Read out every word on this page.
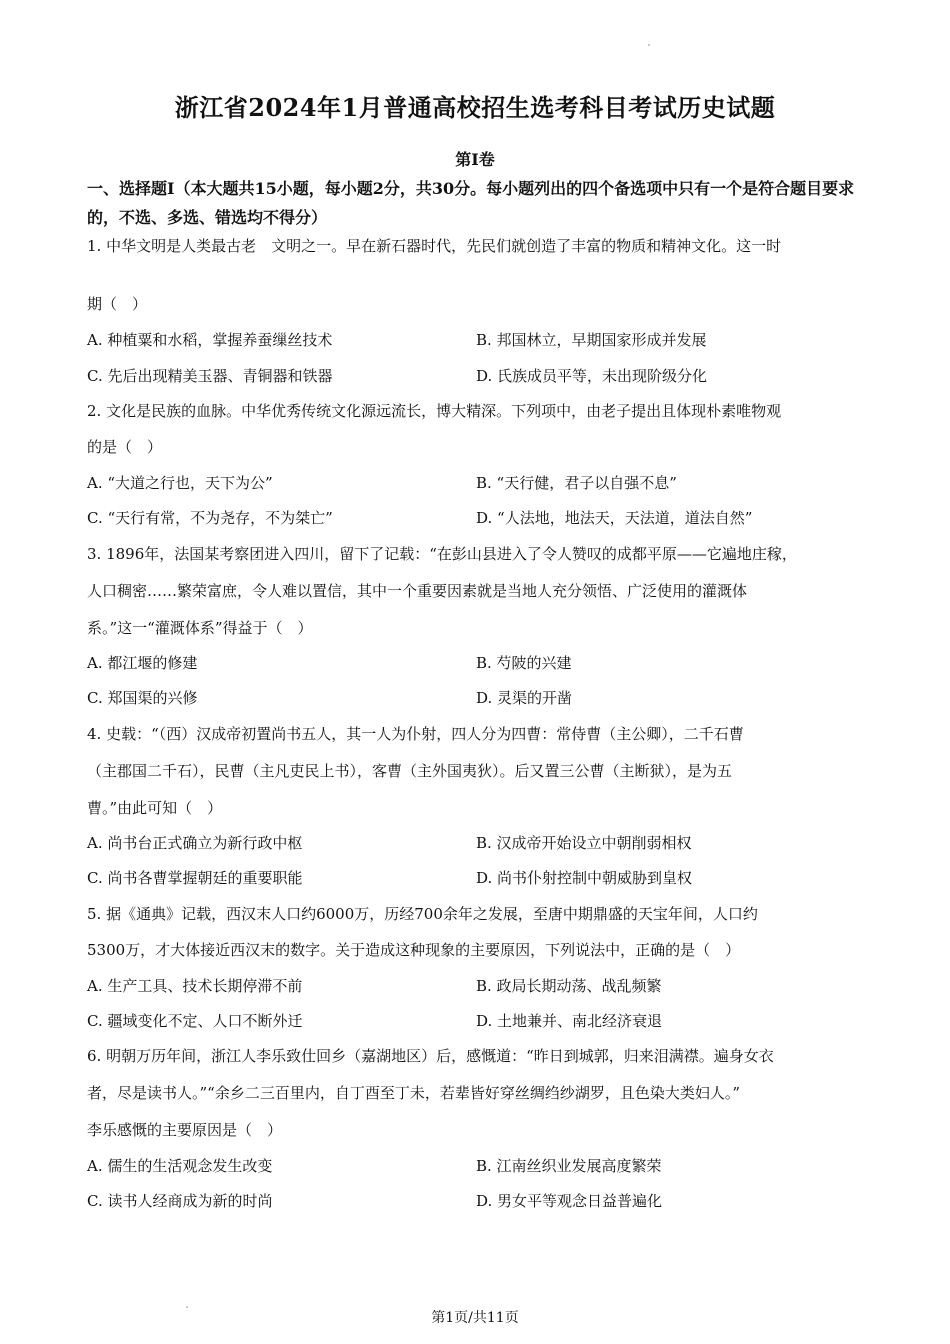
浙江省2024年1月普通高校招生选考科目考试历史试题
第Ⅰ卷
一、选择题Ⅰ（本大题共15小题，每小题2分，共30分。每小题列出的四个备选项中只有一个是符合题目要求的，不选、多选、错选均不得分）
1. 中华文明是人类最古老　文明之一。早在新石器时代，先民们就创造了丰富的物质和精神文化。这一时
期（　）
A. 种植粟和水稻，掌握养蚕缫丝技术	B. 邦国林立，早期国家形成并发展
C. 先后出现精美玉器、青铜器和铁器	D. 氏族成员平等，未出现阶级分化
2. 文化是民族的血脉。中华优秀传统文化源远流长，博大精深。下列项中，由老子提出且体现朴素唯物观
的是（　）
A. “大道之行也，天下为公”	B. “天行健，君子以自强不息”
C. “天行有常，不为尧存，不为桀亡”	D. “人法地，地法天，天法道，道法自然”
3. 1896年，法国某考察团进入四川，留下了记载：“在彭山县进入了令人赞叹的成都平原——它遍地庄稼，
人口稠密……繁荣富庶，令人难以置信，其中一个重要因素就是当地人充分领悟、广泛使用的灌溉体
系。”这一“灌溉体系”得益于（　）
A. 都江堰的修建	B. 芍陂的兴建
C. 郑国渠的兴修	D. 灵渠的开凿
4. 史载：“（西）汉成帝初置尚书五人，其一人为仆射，四人分为四曹：常侍曹（主公卿），二千石曹
（主郡国二千石），民曹（主凡吏民上书），客曹（主外国夷狄）。后又置三公曹（主断狱），是为五
曹。”由此可知（　）
A. 尚书台正式确立为新行政中枢	B. 汉成帝开始设立中朝削弱相权
C. 尚书各曹掌握朝廷的重要职能	D. 尚书仆射控制中朝威胁到皇权
5. 据《通典》记载，西汉末人口约6000万，历经700余年之发展，至唐中期鼎盛的天宝年间，人口约
5300万，才大体接近西汉末的数字。关于造成这种现象的主要原因，下列说法中，正确的是（　）
A. 生产工具、技术长期停滞不前	B. 政局长期动荡、战乱频繁
C. 疆域变化不定、人口不断外迁	D. 土地兼并、南北经济衰退
6. 明朝万历年间，浙江人李乐致仕回乡（嘉湖地区）后，感慨道：“昨日到城郭，归来泪满襟。遍身女衣
者，尽是读书人。”“余乡二三百里内，自丁酉至丁未，若辈皆好穿丝绸绉纱湖罗，且色染大类妇人。”
李乐感慨的主要原因是（　）
A. 儒生的生活观念发生改变	B. 江南丝织业发展高度繁荣
C. 读书人经商成为新的时尚	D. 男女平等观念日益普遍化
第1页/共11页
